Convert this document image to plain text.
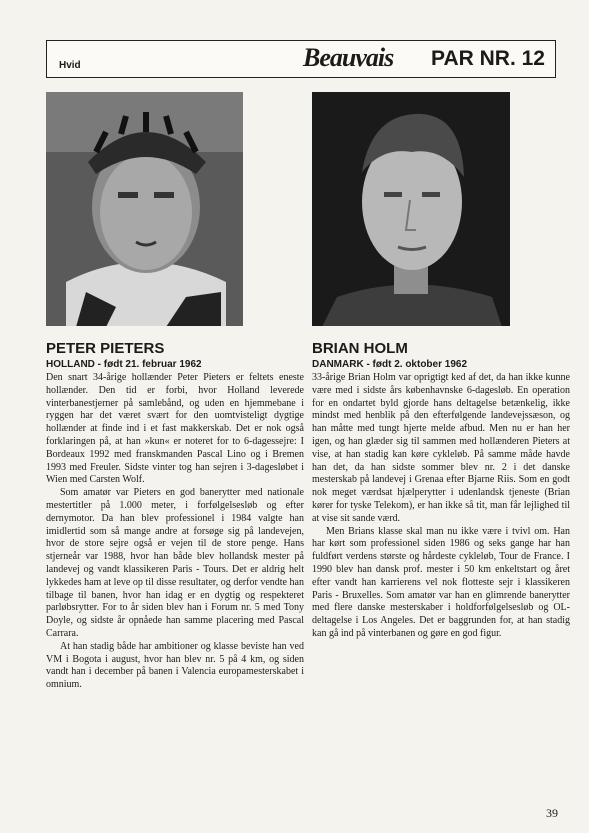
Hvid	Beauvais PAR NR. 12
PETER PIETERS
HOLLAND - født 21. februar 1962

Den snart 34-årige hollænder Peter Pieters er feltets eneste hollænder. Den tid er forbi, hvor Holland leverede vinterbanestjerner på samlebånd, og uden en hjemmebane i ryggen har det været svært for den uomtvisteligt dygtige hollænder at finde ind i et fast makkerskab. Det er nok også forklaringen på, at han »kun« er noteret for to 6-dagessejre: I Bordeaux 1992 med franskmanden Pascal Lino og i Bremen 1993 med Freuler. Sidste vinter tog han sejren i 3-dagesløbet i Wien med Carsten Wolf.

Som amatør var Pieters en god banerytter med nationale mestertitler på 1.000 meter, i forfølgelsesløb og efter dernymotor. Da han blev professionel i 1984 valgte han imidlertid som så mange andre at forsøge sig på landevejen, hvor de store sejre også er vejen til de store penge. Hans stjerneår var 1988, hvor han både blev hollandsk mester på landevej og vandt klassikeren Paris - Tours. Det er aldrig helt lykkedes ham at leve op til disse resultater, og derfor vendte han tilbage til banen, hvor han idag er en dygtig og respekteret parløbsrytter. For to år siden blev han i Forum nr. 5 med Tony Doyle, og sidste år opnåede han samme placering med Pascal Carrara.

At han stadig både har ambitioner og klasse beviste han ved VM i Bogota i august, hvor han blev nr. 5 på 4 km, og siden vandt han i december på banen i Valencia europamesterskabet i omnium.

BRIAN HOLM
DANMARK - født 2. oktober 1962

33-årige Brian Holm var oprigtigt ked af det, da han ikke kunne være med i sidste års københavnske 6-dagesløb. En operation for en ondartet byld gjorde hans deltagelse betænkelig, ikke mindst med henblik på den efterfølgende landevejssæson, og han måtte med tungt hjerte melde afbud. Men nu er han her igen, og han glæder sig til sammen med hollænderen Pieters at vise, at han stadig kan køre cykleløb. På samme måde havde han det, da han sidste sommer blev nr. 2 i det danske mesterskab på landevej i Grenaa efter Bjarne Riis. Som en godt nok meget værdsat hjælperytter i udenlandsk tjeneste (Brian kører for tyske Telekom), er han ikke så tit, man får lejlighed til at vise sit sande værd.

Men Brians klasse skal man nu ikke være i tvivl om. Han har kørt som professionel siden 1986 og seks gange har han fuldført verdens største og hårdeste cykleløb, Tour de France. I 1990 blev han dansk prof. mester i 50 km enkeltstart og året efter vandt han karrierens vel nok flotteste sejr i klassikeren Paris - Bruxelles. Som amatør var han en glimrende banerytter med flere danske mesterskaber i holdforfølgelsesløb og OL-deltagelse i Los Angeles. Det er baggrunden for, at han stadig kan gå ind på vinterbanen og gøre en god figur.

39
